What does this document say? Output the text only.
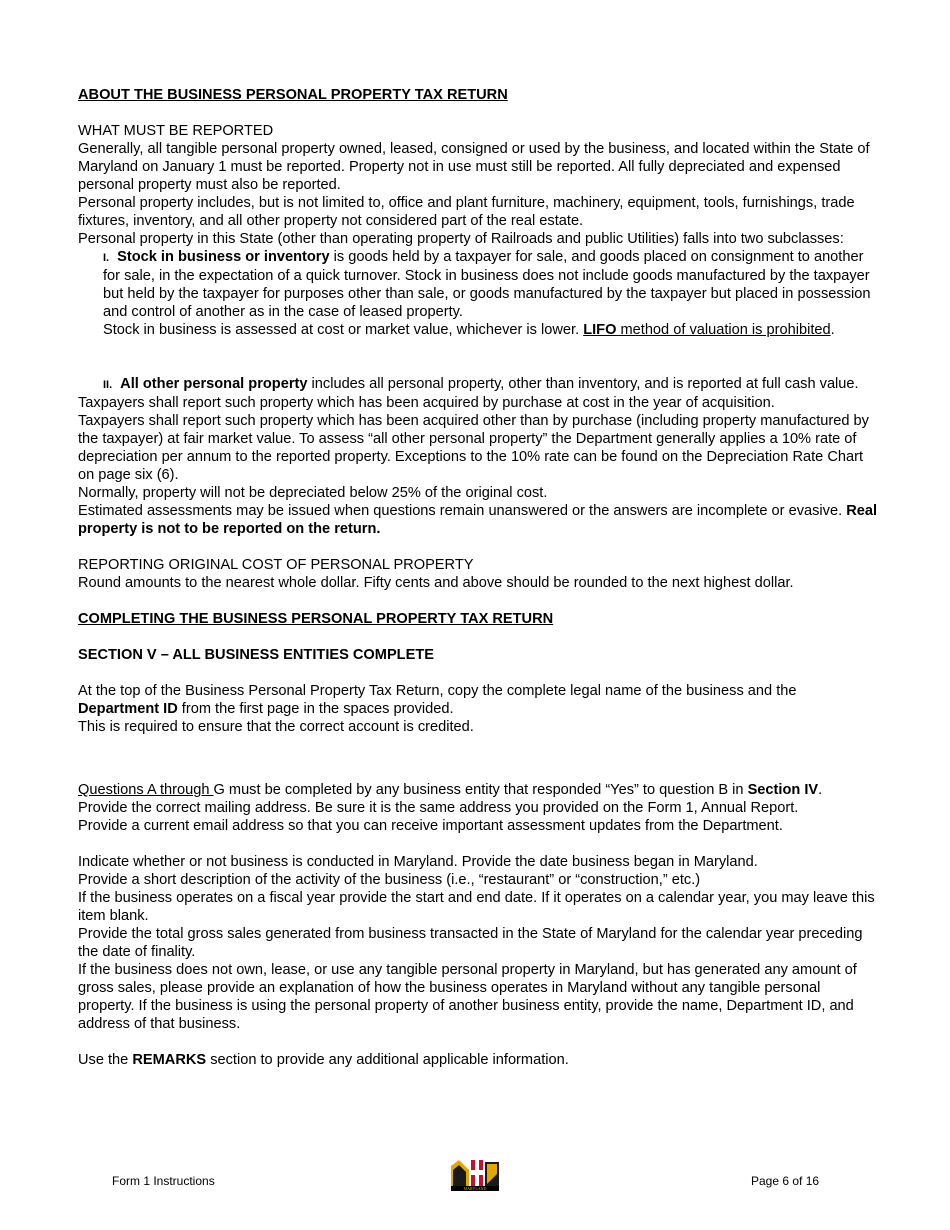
ABOUT THE BUSINESS PERSONAL PROPERTY TAX RETURN

WHAT MUST BE REPORTED

Generally, all tangible personal property owned, leased, consigned or used by the business, and located within the State of Maryland on January 1 must be reported. Property not in use must still be reported. All fully depreciated and expensed personal property must also be reported.

Personal property includes, but is not limited to, office and plant furniture, machinery, equipment, tools, furnishings, trade fixtures, inventory, and all other property not considered part of the real estate.

Personal property in this State (other than operating property of Railroads and public Utilities) falls into two subclasses:

I. Stock in business or inventory is goods held by a taxpayer for sale, and goods placed on consignment to another for sale, in the expectation of a quick turnover. Stock in business does not include goods manufactured by the taxpayer but held by the taxpayer for purposes other than sale, or goods manufactured by the taxpayer but placed in possession and control of another as in the case of leased property.

Stock in business is assessed at cost or market value, whichever is lower. LIFO method of valuation is prohibited.

II. All other personal property includes all personal property, other than inventory, and is reported at full cash value.

Taxpayers shall report such property which has been acquired by purchase at cost in the year of acquisition.

Taxpayers shall report such property which has been acquired other than by purchase (including property manufactured by the taxpayer) at fair market value. To assess “all other personal property” the Department generally applies a 10% rate of depreciation per annum to the reported property. Exceptions to the 10% rate can be found on the Depreciation Rate Chart on page six (6).

Normally, property will not be depreciated below 25% of the original cost.

Estimated assessments may be issued when questions remain unanswered or the answers are incomplete or evasive. Real property is not to be reported on the return.

REPORTING ORIGINAL COST OF PERSONAL PROPERTY

Round amounts to the nearest whole dollar. Fifty cents and above should be rounded to the next highest dollar.

COMPLETING THE BUSINESS PERSONAL PROPERTY TAX RETURN

SECTION V – ALL BUSINESS ENTITIES COMPLETE

At the top of the Business Personal Property Tax Return, copy the complete legal name of the business and the Department ID from the first page in the spaces provided.

This is required to ensure that the correct account is credited.

Questions A through G must be completed by any business entity that responded “Yes” to question B in Section IV.

Provide the correct mailing address. Be sure it is the same address you provided on the Form 1, Annual Report.

Provide a current email address so that you can receive important assessment updates from the Department.

Indicate whether or not business is conducted in Maryland. Provide the date business began in Maryland.

Provide a short description of the activity of the business (i.e., “restaurant” or “construction,” etc.)

If the business operates on a fiscal year provide the start and end date. If it operates on a calendar year, you may leave this item blank.

Provide the total gross sales generated from business transacted in the State of Maryland for the calendar year preceding the date of finality.

If the business does not own, lease, or use any tangible personal property in Maryland, but has generated any amount of gross sales, please provide an explanation of how the business operates in Maryland without any tangible personal property. If the business is using the personal property of another business entity, provide the name, Department ID, and address of that business.

Use the REMARKS section to provide any additional applicable information.

Form 1 Instructions
MARYLAND
Page 6 of 16
